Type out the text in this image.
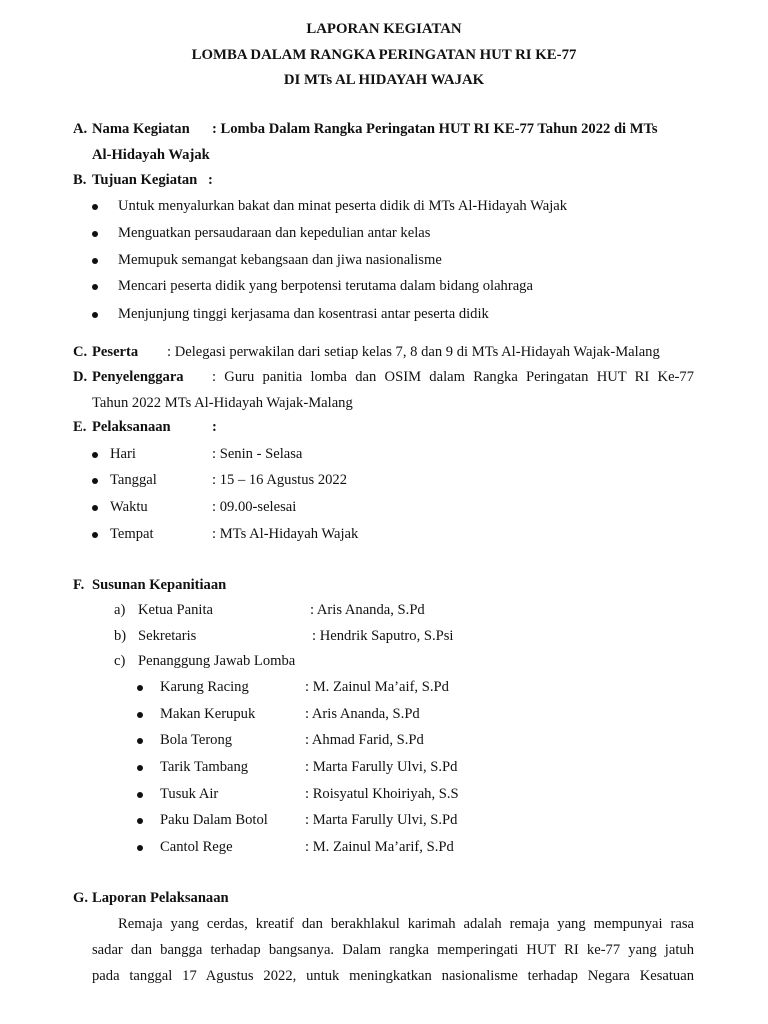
LAPORAN KEGIATAN
LOMBA DALAM RANGKA PERINGATAN HUT RI KE-77
DI MTs AL HIDAYAH WAJAK
A. Nama Kegiatan : Lomba Dalam Rangka Peringatan HUT RI KE-77 Tahun 2022 di MTs
Al-Hidayah Wajak
B. Tujuan Kegiatan :
Untuk menyalurkan bakat dan minat peserta didik di MTs Al-Hidayah Wajak
Menguatkan persaudaraan dan kepedulian antar kelas
Memupuk semangat kebangsaan dan jiwa nasionalisme
Mencari peserta didik yang berpotensi terutama dalam bidang olahraga
Menjunjung tinggi kerjasama dan kosentrasi antar peserta didik
C. Peserta : Delegasi perwakilan dari setiap kelas 7, 8 dan 9 di MTs Al-Hidayah Wajak-Malang
D. Penyelenggara : Guru panitia lomba dan OSIM dalam Rangka Peringatan HUT RI Ke-77
Tahun 2022 MTs Al-Hidayah Wajak-Malang
E. Pelaksanaan	:
Hari	: Senin - Selasa
Tanggal	: 15 – 16 Agustus 2022
Waktu	: 09.00-selesai
Tempat	: MTs Al-Hidayah Wajak
F. Susunan Kepanitiaan
a) Ketua Panita	: Aris Ananda, S.Pd
b) Sekretaris	: Hendrik Saputro, S.Psi
c) Penanggung Jawab Lomba
Karung Racing	: M. Zainul Ma’aif, S.Pd
Makan Kerupuk	: Aris Ananda, S.Pd
Bola Terong	: Ahmad Farid, S.Pd
Tarik Tambang	: Marta Farully Ulvi, S.Pd
Tusuk Air	: Roisyatul Khoiriyah, S.S
Paku Dalam Botol	: Marta Farully Ulvi, S.Pd
Cantol Rege	: M. Zainul Ma’arif, S.Pd
G. Laporan Pelaksanaan
Remaja yang cerdas, kreatif dan berakhlakul karimah adalah remaja yang mempunyai rasa
sadar dan bangga terhadap bangsanya. Dalam rangka memperingati HUT RI ke-77 yang jatuh
pada tanggal 17 Agustus 2022, untuk meningkatkan nasionalisme terhadap Negara Kesatuan
